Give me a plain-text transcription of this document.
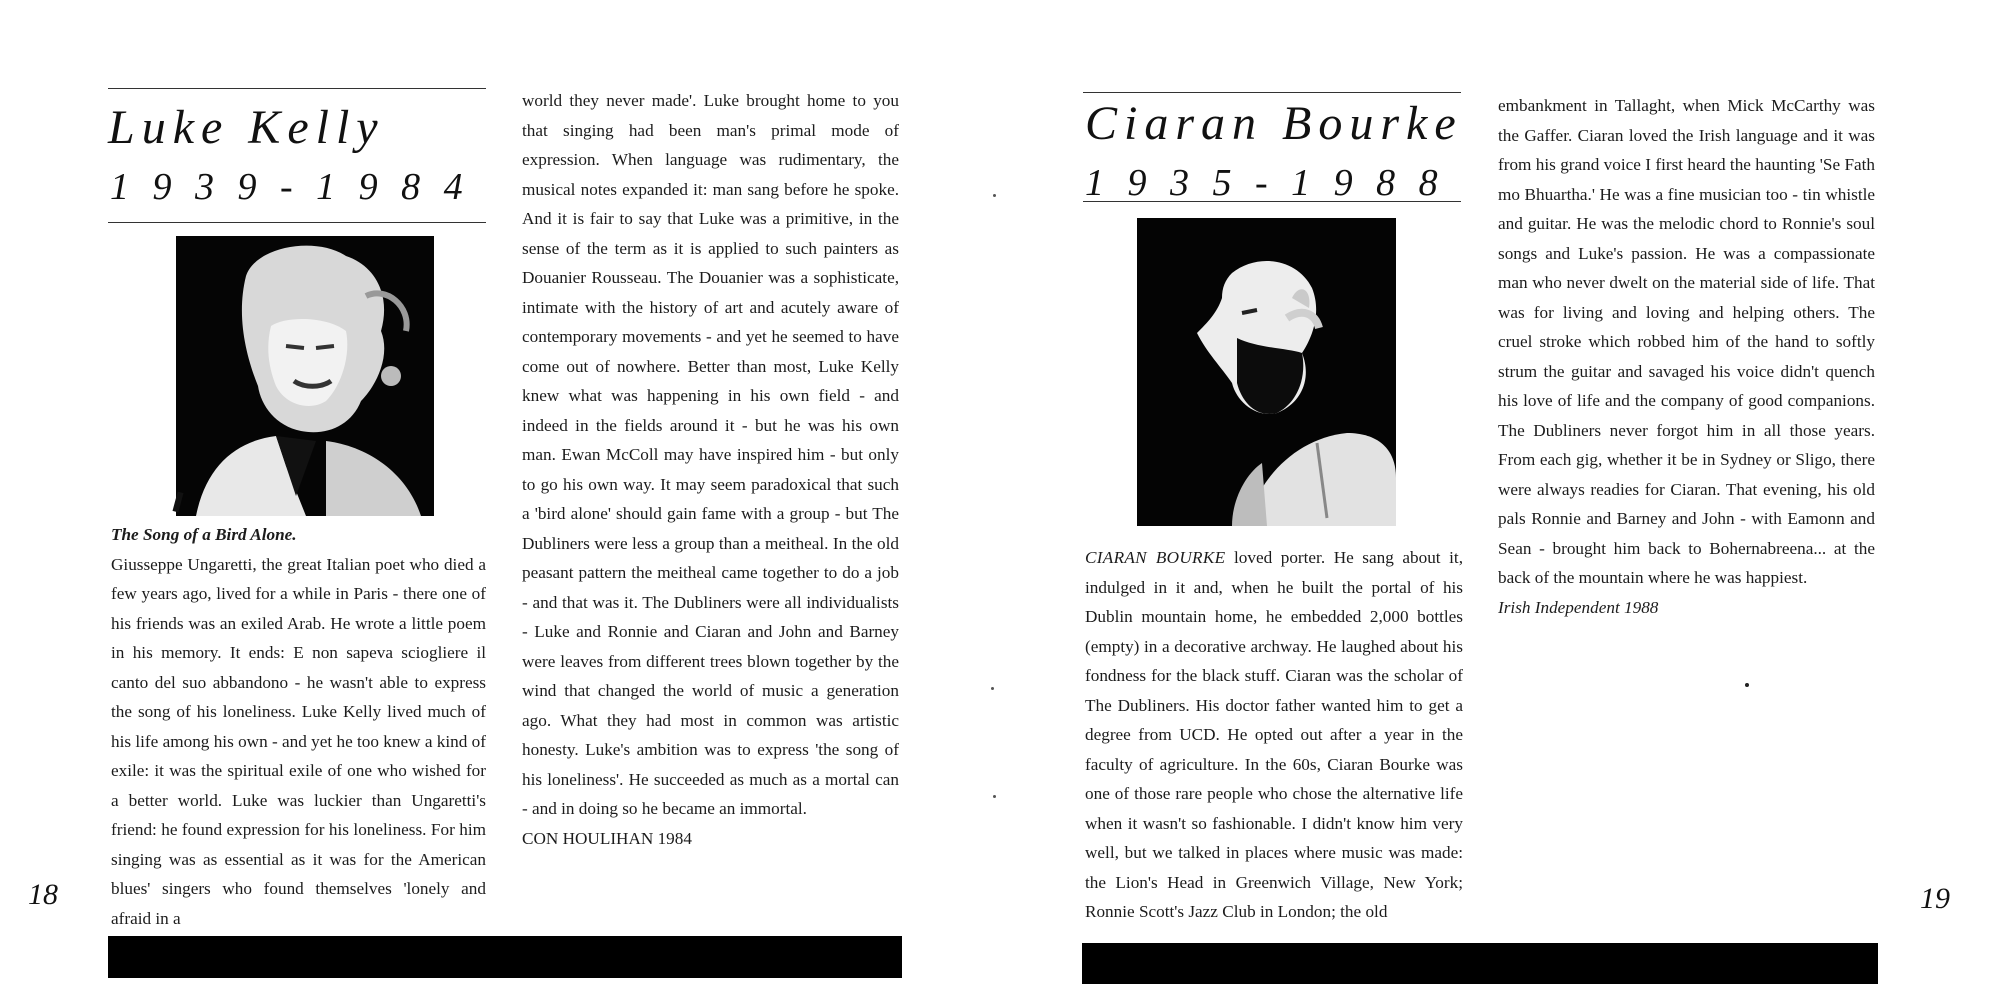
Luke Kelly
1 9 3 9 - 1 9 8 4

The Song of a Bird Alone.

Giusseppe Ungaretti, the great Italian poet who died a few years ago, lived for a while in Paris - there one of his friends was an exiled Arab. He wrote a little poem in his memory. It ends: E non sapeva sciogliere il canto del suo abbandono - he wasn't able to express the song of his loneliness. Luke Kelly lived much of his life among his own - and yet he too knew a kind of exile: it was the spiritual exile of one who wished for a better world. Luke was luckier than Ungaretti's friend: he found expression for his loneliness. For him singing was as essential as it was for the American blues' singers who found themselves 'lonely and afraid in a

world they never made'. Luke brought home to you that singing had been man's primal mode of expression. When language was rudimentary, the musical notes expanded it: man sang before he spoke. And it is fair to say that Luke was a primitive, in the sense of the term as it is applied to such painters as Douanier Rousseau. The Douanier was a sophisticate, intimate with the history of art and acutely aware of contemporary movements - and yet he seemed to have come out of nowhere. Better than most, Luke Kelly knew what was happening in his own field - and indeed in the fields around it - but he was his own man. Ewan McColl may have inspired him - but only to go his own way. It may seem paradoxical that such a 'bird alone' should gain fame with a group - but The Dubliners were less a group than a meitheal. In the old peasant pattern the meitheal came together to do a job - and that was it. The Dubliners were all individualists - Luke and Ronnie and Ciaran and John and Barney were leaves from different trees blown together by the wind that changed the world of music a generation ago. What they had most in common was artistic honesty. Luke's ambition was to express 'the song of his loneliness'. He succeeded as much as a mortal can - and in doing so he became an immortal.

CON HOULIHAN 1984

18
Ciaran Bourke
1 9 3 5 - 1 9 8 8

CIARAN BOURKE loved porter. He sang about it, indulged in it and, when he built the portal of his Dublin mountain home, he embedded 2,000 bottles (empty) in a decorative archway. He laughed about his fondness for the black stuff. Ciaran was the scholar of The Dubliners. His doctor father wanted him to get a degree from UCD. He opted out after a year in the faculty of agriculture. In the 60s, Ciaran Bourke was one of those rare people who chose the alternative life when it wasn't so fashionable. I didn't know him very well, but we talked in places where music was made: the Lion's Head in Greenwich Village, New York; Ronnie Scott's Jazz Club in London; the old

embankment in Tallaght, when Mick McCarthy was the Gaffer. Ciaran loved the Irish language and it was from his grand voice I first heard the haunting 'Se Fath mo Bhuartha.' He was a fine musician too - tin whistle and guitar. He was the melodic chord to Ronnie's soul songs and Luke's passion. He was a compassionate man who never dwelt on the material side of life. That was for living and loving and helping others. The cruel stroke which robbed him of the hand to softly strum the guitar and savaged his voice didn't quench his love of life and the company of good companions. The Dubliners never forgot him in all those years. From each gig, whether it be in Sydney or Sligo, there were always readies for Ciaran. That evening, his old pals Ronnie and Barney and John - with Eamonn and Sean - brought him back to Bohernabreena... at the back of the mountain where he was happiest.

Irish Independent 1988

19
